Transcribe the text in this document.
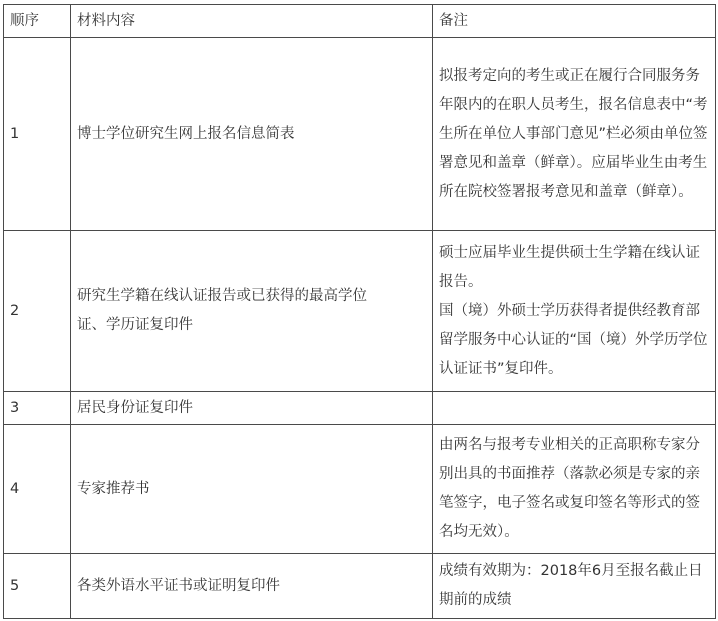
顺序	材料内容	备注
1	博士学位研究生网上报名信息简表	拟报考定向的考生或正在履行合同服务务年限内的在职人员考生，报名信息表中“考生所在单位人事部门意见”栏必须由单位签署意见和盖章（鲜章）。应届毕业生由考生所在院校签署报考意见和盖章（鲜章）。

2	研究生学籍在线认证报告或已获得的最高学位
证、学历证复印件	硕士应届毕业生提供硕士生学籍在线认证报告。
国（境）外硕士学历获得者提供经教育部留学服务中心认证的“国（境）外学历学位认证证书”复印件。

3	居民身份证复印件	

4	专家推荐书	由两名与报考专业相关的正高职称专家分别出具的书面推荐（落款必须是专家的亲笔签字，电子签名或复印签名等形式的签名均无效）。

5	各类外语水平证书或证明复印件	成绩有效期为：2018年6月至报名截止日期前的成绩
